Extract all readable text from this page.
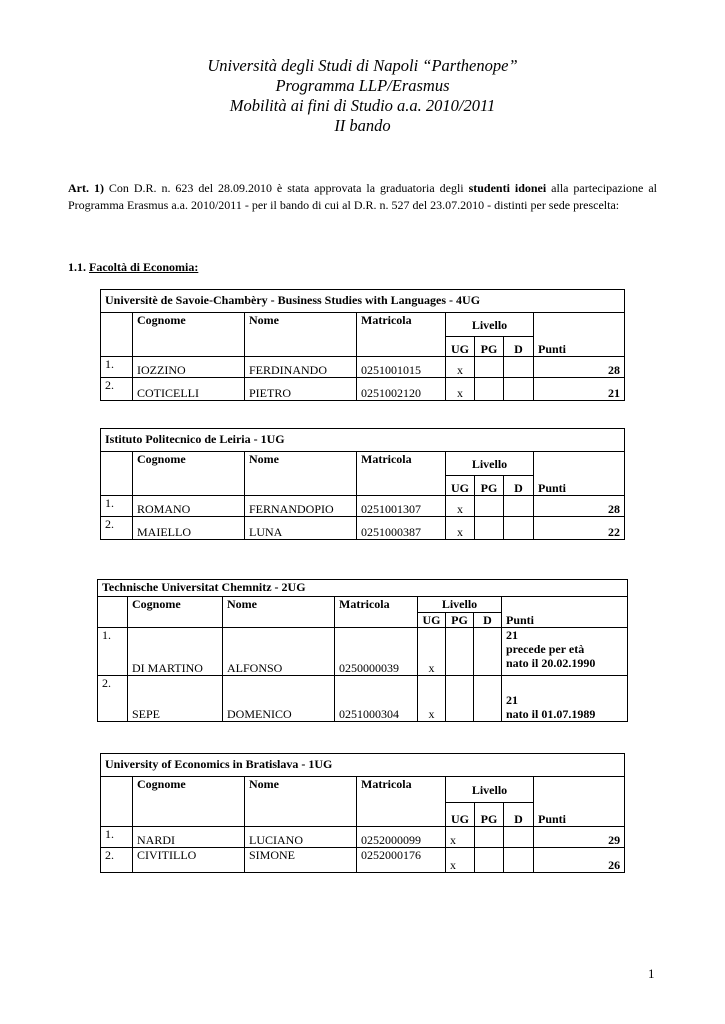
Università degli Studi di Napoli “Parthenope”
Programma LLP/Erasmus
Mobilità ai fini di Studio a.a. 2010/2011
II bando
Art. 1) Con D.R. n. 623 del 28.09.2010 è stata approvata la graduatoria degli studenti idonei alla partecipazione al Programma Erasmus a.a. 2010/2011 - per il bando di cui al D.R. n. 527 del 23.07.2010 - distinti per sede prescelta:
1.1. Facoltà di Economia:
Universitè de Savoie-Chambèry - Business Studies with Languages - 4UG							
	Cognome	Nome	Matricola	Livello			Punti
				UG	PG	D	
1.	IOZZINO	FERDINANDO	0251001015	x			28
2.	COTICELLI	PIETRO	0251002120	x			21
Istituto Politecnico de Leiria - 1UG							
	Cognome	Nome	Matricola	Livello			Punti
				UG	PG	D	
1.	ROMANO	FERNANDOPIO	0251001307	x			28
2.	MAIELLO	LUNA	0251000387	x			22
Technische Universitat Chemnitz - 2UG							
	Cognome	Nome	Matricola	Livello			Punti
				UG	PG	D	
1.	DI MARTINO	ALFONSO	0250000039	x			21
precede per età
nato il 20.02.1990

2.	SEPE	DOMENICO	0251000304	x			21
nato il 01.07.1989
University of Economics in Bratislava - 1UG							
	Cognome	Nome	Matricola	Livello			Punti
				UG	PG	D	
1.	NARDI	LUCIANO	0252000099	x			29
2.	CIVITILLO	SIMONE	0252000176	x			26
1
